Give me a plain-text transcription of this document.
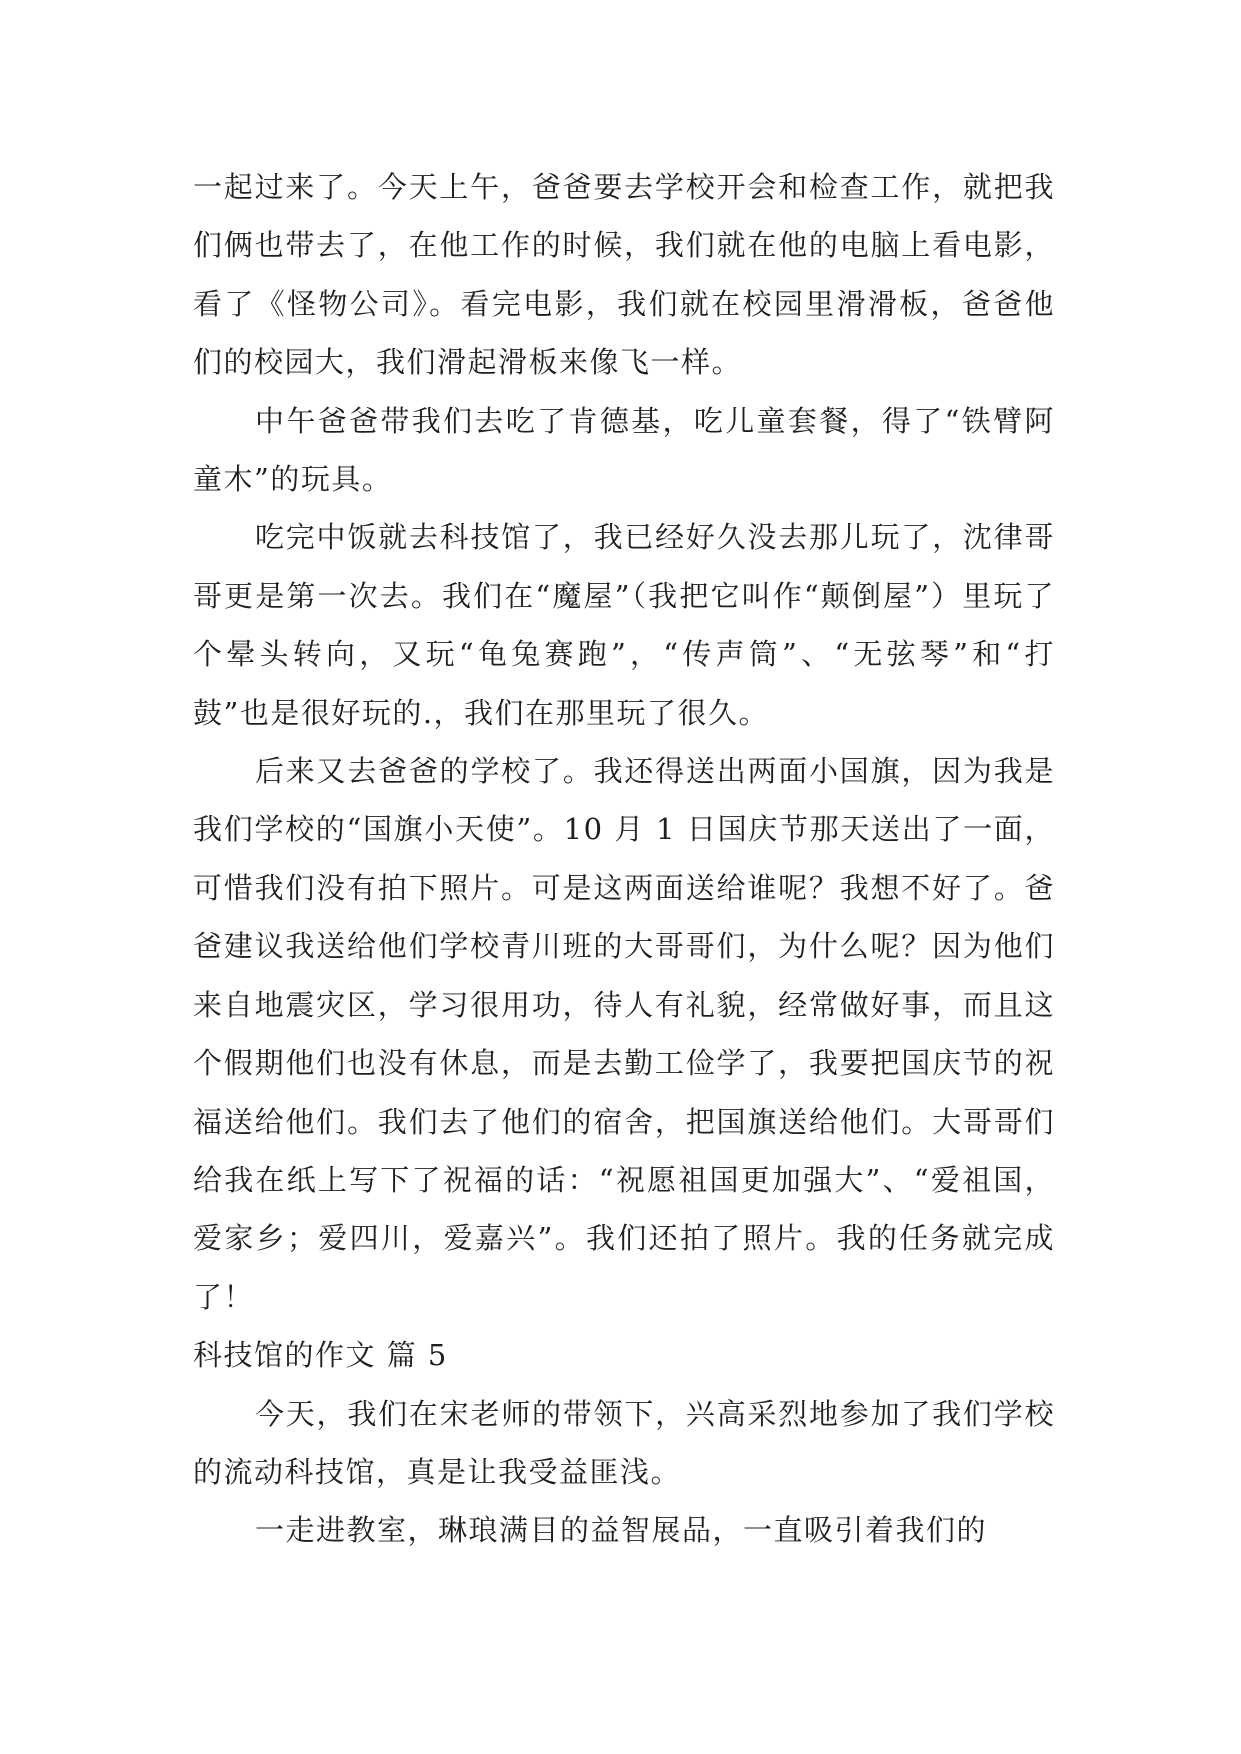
一起过来了。今天上午，爸爸要去学校开会和检查工作，就把我们俩也带去了，在他工作的时候，我们就在他的电脑上看电影，看了《怪物公司》。看完电影，我们就在校园里滑滑板，爸爸他们的校园大，我们滑起滑板来像飞一样。

中午爸爸带我们去吃了肯德基，吃儿童套餐，得了“铁臂阿童木”的玩具。

吃完中饭就去科技馆了，我已经好久没去那儿玩了，沈律哥哥更是第一次去。我们在“魔屋”（我把它叫作“颠倒屋”）里玩了个晕头转向，又玩“龟兔赛跑”，“传声筒”、“无弦琴”和“打鼓”也是很好玩的.，我们在那里玩了很久。

后来又去爸爸的学校了。我还得送出两面小国旗，因为我是我们学校的“国旗小天使”。10 月 1 日国庆节那天送出了一面，可惜我们没有拍下照片。可是这两面送给谁呢？我想不好了。爸爸建议我送给他们学校青川班的大哥哥们，为什么呢？因为他们来自地震灾区，学习很用功，待人有礼貌，经常做好事，而且这个假期他们也没有休息，而是去勤工俭学了，我要把国庆节的祝福送给他们。我们去了他们的宿舍，把国旗送给他们。大哥哥们给我在纸上写下了祝福的话：“祝愿祖国更加强大”、“爱祖国，爱家乡；爱四川，爱嘉兴”。我们还拍了照片。我的任务就完成了！

科技馆的作文 篇 5

今天，我们在宋老师的带领下，兴高采烈地参加了我们学校的流动科技馆，真是让我受益匪浅。

一走进教室，琳琅满目的益智展品，一直吸引着我们的
